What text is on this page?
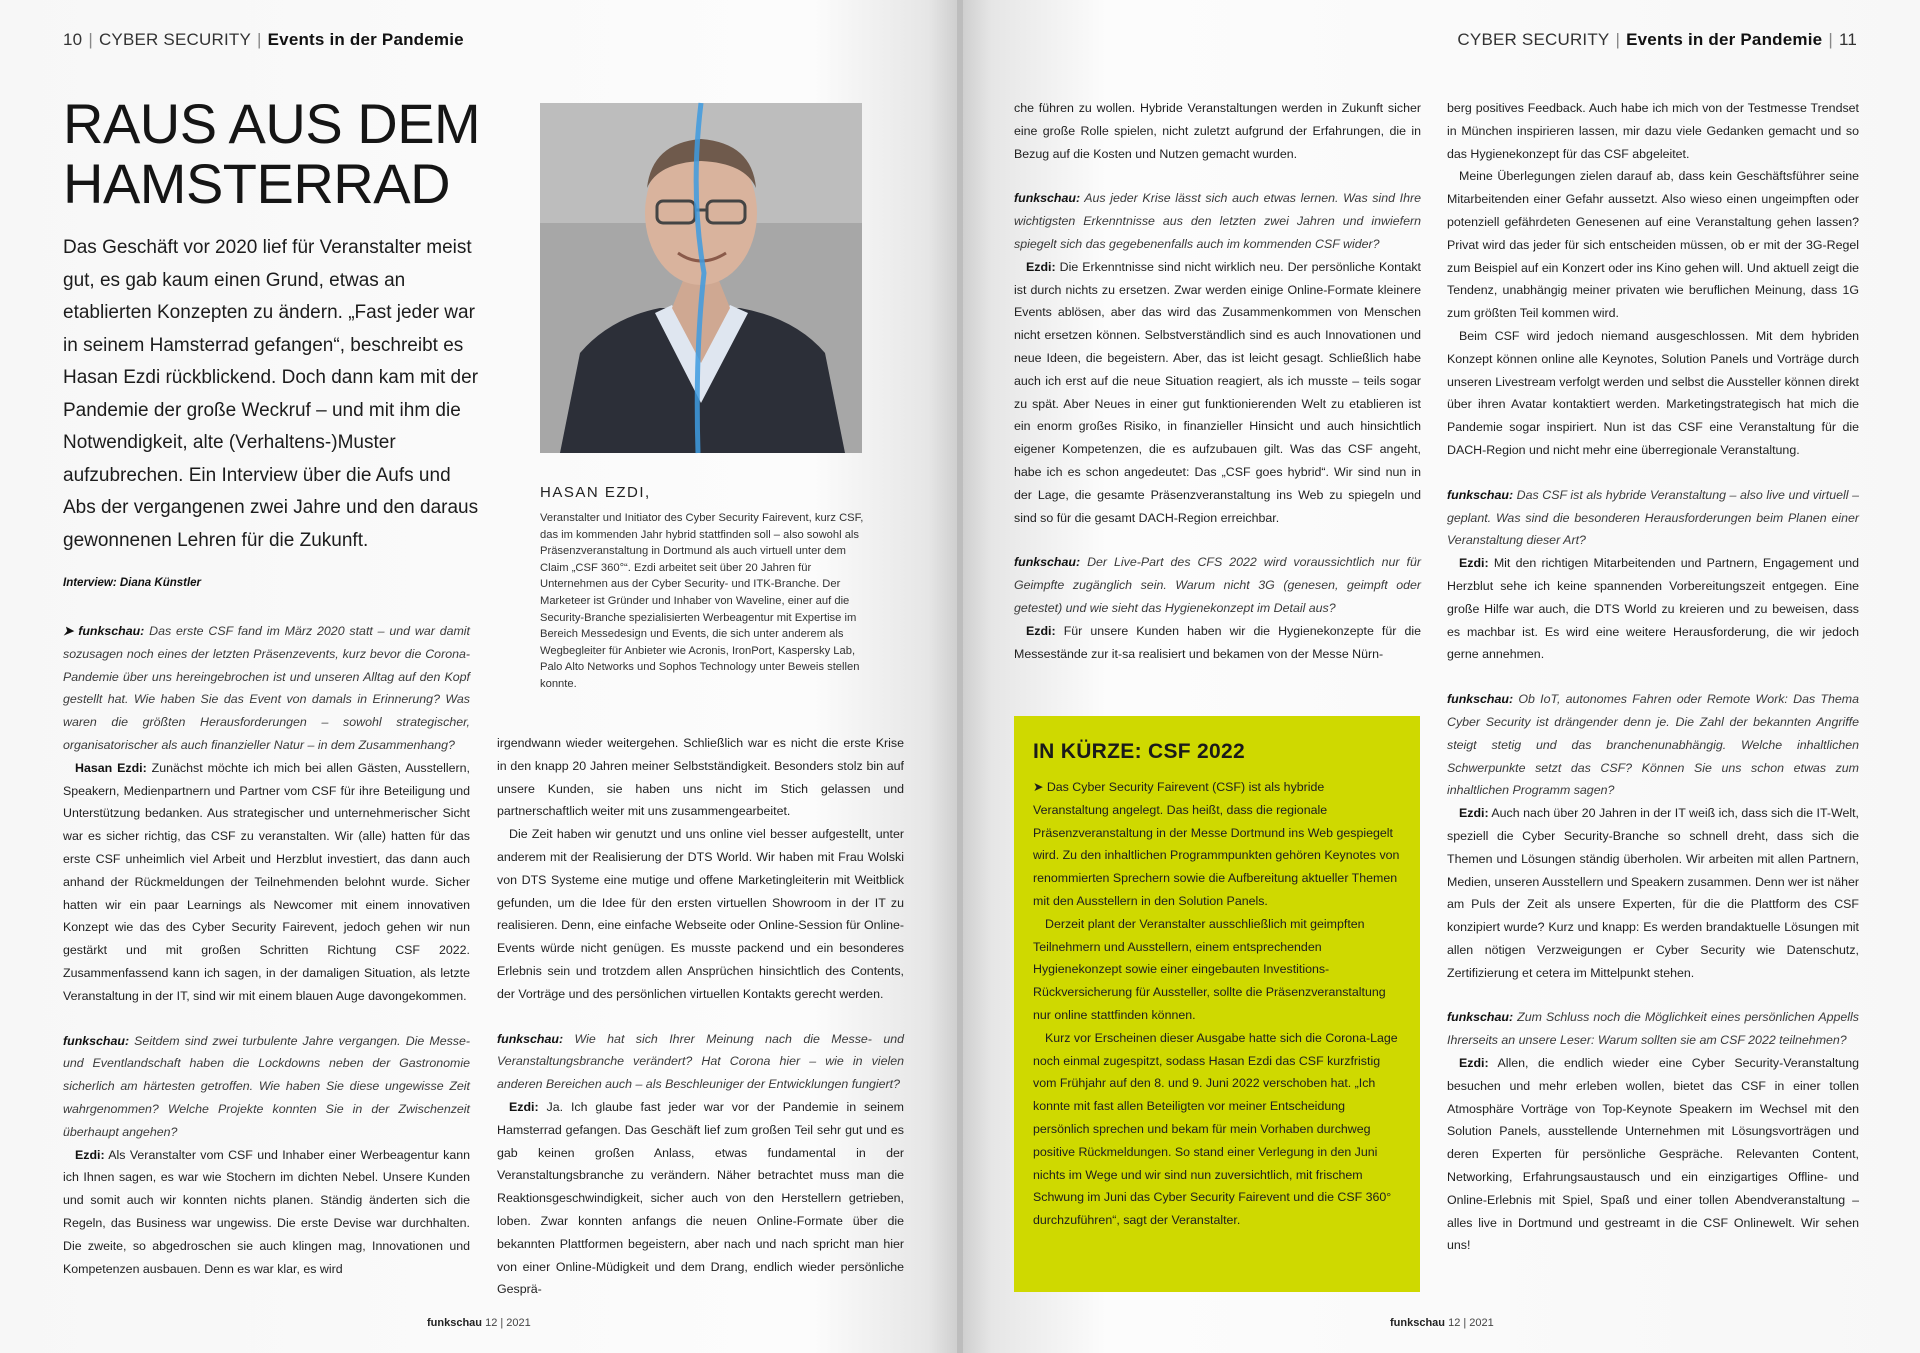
10 | CYBER SECURITY | Events in der Pandemie
RAUS AUS DEM
HAMSTERRAD

Das Geschäft vor 2020 lief für Veranstalter meist gut, es gab kaum einen Grund, etwas an etablierten Konzepten zu ändern. „Fast jeder war in seinem Hamsterrad gefangen“, beschreibt es Hasan Ezdi rückblickend. Doch dann kam mit der Pandemie der große Weckruf – und mit ihm die Notwendigkeit, alte (Verhaltens-)Muster aufzubrechen. Ein Interview über die Aufs und Abs der vergangenen zwei Jahre und den daraus gewonnenen Lehren für die Zukunft.

Interview: Diana Künstler
HASAN EZDI,

Veranstalter und Initiator des Cyber Security Fairevent, kurz CSF, das im kommenden Jahr hybrid stattfinden soll – also sowohl als Präsenzveranstaltung in Dortmund als auch virtuell unter dem Claim „CSF 360°“. Ezdi arbeitet seit über 20 Jahren für Unternehmen aus der Cyber Security- und ITK-Branche. Der Marketeer ist Gründer und Inhaber von Waveline, einer auf die Security-Branche spezialisierten Werbeagentur mit Expertise im Bereich Messedesign und Events, die sich unter anderem als Wegbegleiter für Anbieter wie Acronis, IronPort, Kaspersky Lab, Palo Alto Networks und Sophos Technology unter Beweis stellen konnte.

➤ funkschau: Das erste CSF fand im März 2020 statt – und war damit sozusagen noch eines der letzten Präsenzevents, kurz bevor die Corona-Pandemie über uns hereingebrochen ist und unseren Alltag auf den Kopf gestellt hat. Wie haben Sie das Event von damals in Erinnerung? Was waren die größten Herausforderungen – sowohl strategischer, organisatorischer als auch finanzieller Natur – in dem Zusammenhang?

Hasan Ezdi: Zunächst möchte ich mich bei allen Gästen, Ausstellern, Speakern, Medienpartnern und Partner vom CSF für ihre Beteiligung und Unterstützung bedanken. Aus strategischer und unternehmerischer Sicht war es sicher richtig, das CSF zu veranstalten. Wir (alle) hatten für das erste CSF unheimlich viel Arbeit und Herzblut investiert, das dann auch anhand der Rückmeldungen der Teilnehmenden belohnt wurde. Sicher hatten wir ein paar Learnings als Newcomer mit einem innovativen Konzept wie das des Cyber Security Fairevent, jedoch gehen wir nun gestärkt und mit großen Schritten Richtung CSF 2022. Zusammenfassend kann ich sagen, in der damaligen Situation, als letzte Veranstaltung in der IT, sind wir mit einem blauen Auge davongekommen.

funkschau: Seitdem sind zwei turbulente Jahre vergangen. Die Messe- und Eventlandschaft haben die Lockdowns neben der Gastronomie sicherlich am härtesten getroffen. Wie haben Sie diese ungewisse Zeit wahrgenommen? Welche Projekte konnten Sie in der Zwischenzeit überhaupt angehen?

Ezdi: Als Veranstalter vom CSF und Inhaber einer Werbeagentur kann ich Ihnen sagen, es war wie Stochern im dichten Nebel. Unsere Kunden und somit auch wir konnten nichts planen. Ständig änderten sich die Regeln, das Business war ungewiss. Die erste Devise war durchhalten. Die zweite, so abgedroschen sie auch klingen mag, Innovationen und Kompetenzen ausbauen. Denn es war klar, es wird

irgendwann wieder weitergehen. Schließlich war es nicht die erste Krise in den knapp 20 Jahren meiner Selbstständigkeit. Besonders stolz bin auf unsere Kunden, sie haben uns nicht im Stich gelassen und partnerschaftlich weiter mit uns zusammengearbeitet.

Die Zeit haben wir genutzt und uns online viel besser aufgestellt, unter anderem mit der Realisierung der DTS World. Wir haben mit Frau Wolski von DTS Systeme eine mutige und offene Marketingleiterin mit Weitblick gefunden, um die Idee für den ersten virtuellen Showroom in der IT zu realisieren. Denn, eine einfache Webseite oder Online-Session für Online-Events würde nicht genügen. Es musste packend und ein besonderes Erlebnis sein und trotzdem allen Ansprüchen hinsichtlich des Contents, der Vorträge und des persönlichen virtuellen Kontakts gerecht werden.

funkschau: Wie hat sich Ihrer Meinung nach die Messe- und Veranstaltungsbranche verändert? Hat Corona hier – wie in vielen anderen Bereichen auch – als Beschleuniger der Entwicklungen fungiert?

Ezdi: Ja. Ich glaube fast jeder war vor der Pandemie in seinem Hamsterrad gefangen. Das Geschäft lief zum großen Teil sehr gut und es gab keinen großen Anlass, etwas fundamental in der Veranstaltungsbranche zu verändern. Näher betrachtet muss man die Reaktionsgeschwindigkeit, sicher auch von den Herstellern getrieben, loben. Zwar konnten anfangs die neuen Online-Formate über die bekannten Plattformen begeistern, aber nach und nach spricht man hier von einer Online-Müdigkeit und dem Drang, endlich wieder persönliche Gesprä-

funkschau 12 | 2021
CYBER SECURITY | Events in der Pandemie | 11

che führen zu wollen. Hybride Veranstaltungen werden in Zukunft sicher eine große Rolle spielen, nicht zuletzt aufgrund der Erfahrungen, die in Bezug auf die Kosten und Nutzen gemacht wurden.

funkschau: Aus jeder Krise lässt sich auch etwas lernen. Was sind Ihre wichtigsten Erkenntnisse aus den letzten zwei Jahren und inwiefern spiegelt sich das gegebenenfalls auch im kommenden CSF wider?

Ezdi: Die Erkenntnisse sind nicht wirklich neu. Der persönliche Kontakt ist durch nichts zu ersetzen. Zwar werden einige Online-Formate kleinere Events ablösen, aber das wird das Zusammenkommen von Menschen nicht ersetzen können. Selbstverständlich sind es auch Innovationen und neue Ideen, die begeistern. Aber, das ist leicht gesagt. Schließlich habe auch ich erst auf die neue Situation reagiert, als ich musste – teils sogar zu spät. Aber Neues in einer gut funktionierenden Welt zu etablieren ist ein enorm großes Risiko, in finanzieller Hinsicht und auch hinsichtlich eigener Kompetenzen, die es aufzubauen gilt. Was das CSF angeht, habe ich es schon angedeutet: Das „CSF goes hybrid“. Wir sind nun in der Lage, die gesamte Präsenzveranstaltung ins Web zu spiegeln und sind so für die gesamt DACH-Region erreichbar.

funkschau: Der Live-Part des CFS 2022 wird voraussichtlich nur für Geimpfte zugänglich sein. Warum nicht 3G (genesen, geimpft oder getestet) und wie sieht das Hygienekonzept im Detail aus?

Ezdi: Für unsere Kunden haben wir die Hygienekonzepte für die Messestände zur it-sa realisiert und bekamen von der Messe Nürn-

berg positives Feedback. Auch habe ich mich von der Testmesse Trendset in München inspirieren lassen, mir dazu viele Gedanken gemacht und so das Hygienekonzept für das CSF abgeleitet.

Meine Überlegungen zielen darauf ab, dass kein Geschäftsführer seine Mitarbeitenden einer Gefahr aussetzt. Also wieso einen ungeimpften oder potenziell gefährdeten Genesenen auf eine Veranstaltung gehen lassen? Privat wird das jeder für sich entscheiden müssen, ob er mit der 3G-Regel zum Beispiel auf ein Konzert oder ins Kino gehen will. Und aktuell zeigt die Tendenz, unabhängig meiner privaten wie beruflichen Meinung, dass 1G zum größten Teil kommen wird.

Beim CSF wird jedoch niemand ausgeschlossen. Mit dem hybriden Konzept können online alle Keynotes, Solution Panels und Vorträge durch unseren Livestream verfolgt werden und selbst die Aussteller können direkt über ihren Avatar kontaktiert werden. Marketingstrategisch hat mich die Pandemie sogar inspiriert. Nun ist das CSF eine Veranstaltung für die DACH-Region und nicht mehr eine überregionale Veranstaltung.

funkschau: Das CSF ist als hybride Veranstaltung – also live und virtuell – geplant. Was sind die besonderen Herausforderungen beim Planen einer Veranstaltung dieser Art?

Ezdi: Mit den richtigen Mitarbeitenden und Partnern, Engagement und Herzblut sehe ich keine spannenden Vorbereitungszeit entgegen. Eine große Hilfe war auch, die DTS World zu kreieren und zu beweisen, dass es machbar ist. Es wird eine weitere Herausforderung, die wir jedoch gerne annehmen.

funkschau: Ob IoT, autonomes Fahren oder Remote Work: Das Thema Cyber Security ist drängender denn je. Die Zahl der bekannten Angriffe steigt stetig und das branchenunabhängig. Welche inhaltlichen Schwerpunkte setzt das CSF? Können Sie uns schon etwas zum inhaltlichen Programm sagen?

Ezdi: Auch nach über 20 Jahren in der IT weiß ich, dass sich die IT-Welt, speziell die Cyber Security-Branche so schnell dreht, dass sich die Themen und Lösungen ständig überholen. Wir arbeiten mit allen Partnern, Medien, unseren Ausstellern und Speakern zusammen. Denn wer ist näher am Puls der Zeit als unsere Experten, für die die Plattform des CSF konzipiert wurde? Kurz und knapp: Es werden brandaktuelle Lösungen mit allen nötigen Verzweigungen er Cyber Security wie Datenschutz, Zertifizierung et cetera im Mittelpunkt stehen.

funkschau: Zum Schluss noch die Möglichkeit eines persönlichen Appells Ihrerseits an unsere Leser: Warum sollten sie am CSF 2022 teilnehmen?

Ezdi: Allen, die endlich wieder eine Cyber Security-Veranstaltung besuchen und mehr erleben wollen, bietet das CSF in einer tollen Atmosphäre Vorträge von Top-Keynote Speakern im Wechsel mit den Solution Panels, ausstellende Unternehmen mit Lösungsvorträgen und deren Experten für persönliche Gespräche. Relevanten Content, Networking, Erfahrungsaustausch und ein einzigartiges Offline- und Online-Erlebnis mit Spiel, Spaß und einer tollen Abendveranstaltung – alles live in Dortmund und gestreamt in die CSF Onlinewelt. Wir sehen uns!

funkschau 12 | 2021
IN KÜRZE: CSF 2022

➤ Das Cyber Security Fairevent (CSF) ist als hybride Veranstaltung angelegt. Das heißt, dass die regionale Präsenzveranstaltung in der Messe Dortmund ins Web gespiegelt wird. Zu den inhaltlichen Programmpunkten gehören Keynotes von renommierten Sprechern sowie die Aufbereitung aktueller Themen mit den Ausstellern in den Solution Panels.

Derzeit plant der Veranstalter ausschließlich mit geimpften Teilnehmern und Ausstellern, einem entsprechenden Hygienekonzept sowie einer eingebauten Investitions-Rückversicherung für Aussteller, sollte die Präsenzveranstaltung nur online stattfinden können.

Kurz vor Erscheinen dieser Ausgabe hatte sich die Corona-Lage noch einmal zugespitzt, sodass Hasan Ezdi das CSF kurzfristig vom Frühjahr auf den 8. und 9. Juni 2022 verschoben hat. „Ich konnte mit fast allen Beteiligten vor meiner Entscheidung persönlich sprechen und bekam für mein Vorhaben durchweg positive Rückmeldungen. So stand einer Verlegung in den Juni nichts im Wege und wir sind nun zuversichtlich, mit frischem Schwung im Juni das Cyber Security Fairevent und die CSF 360° durchzuführen“, sagt der Veranstalter.
